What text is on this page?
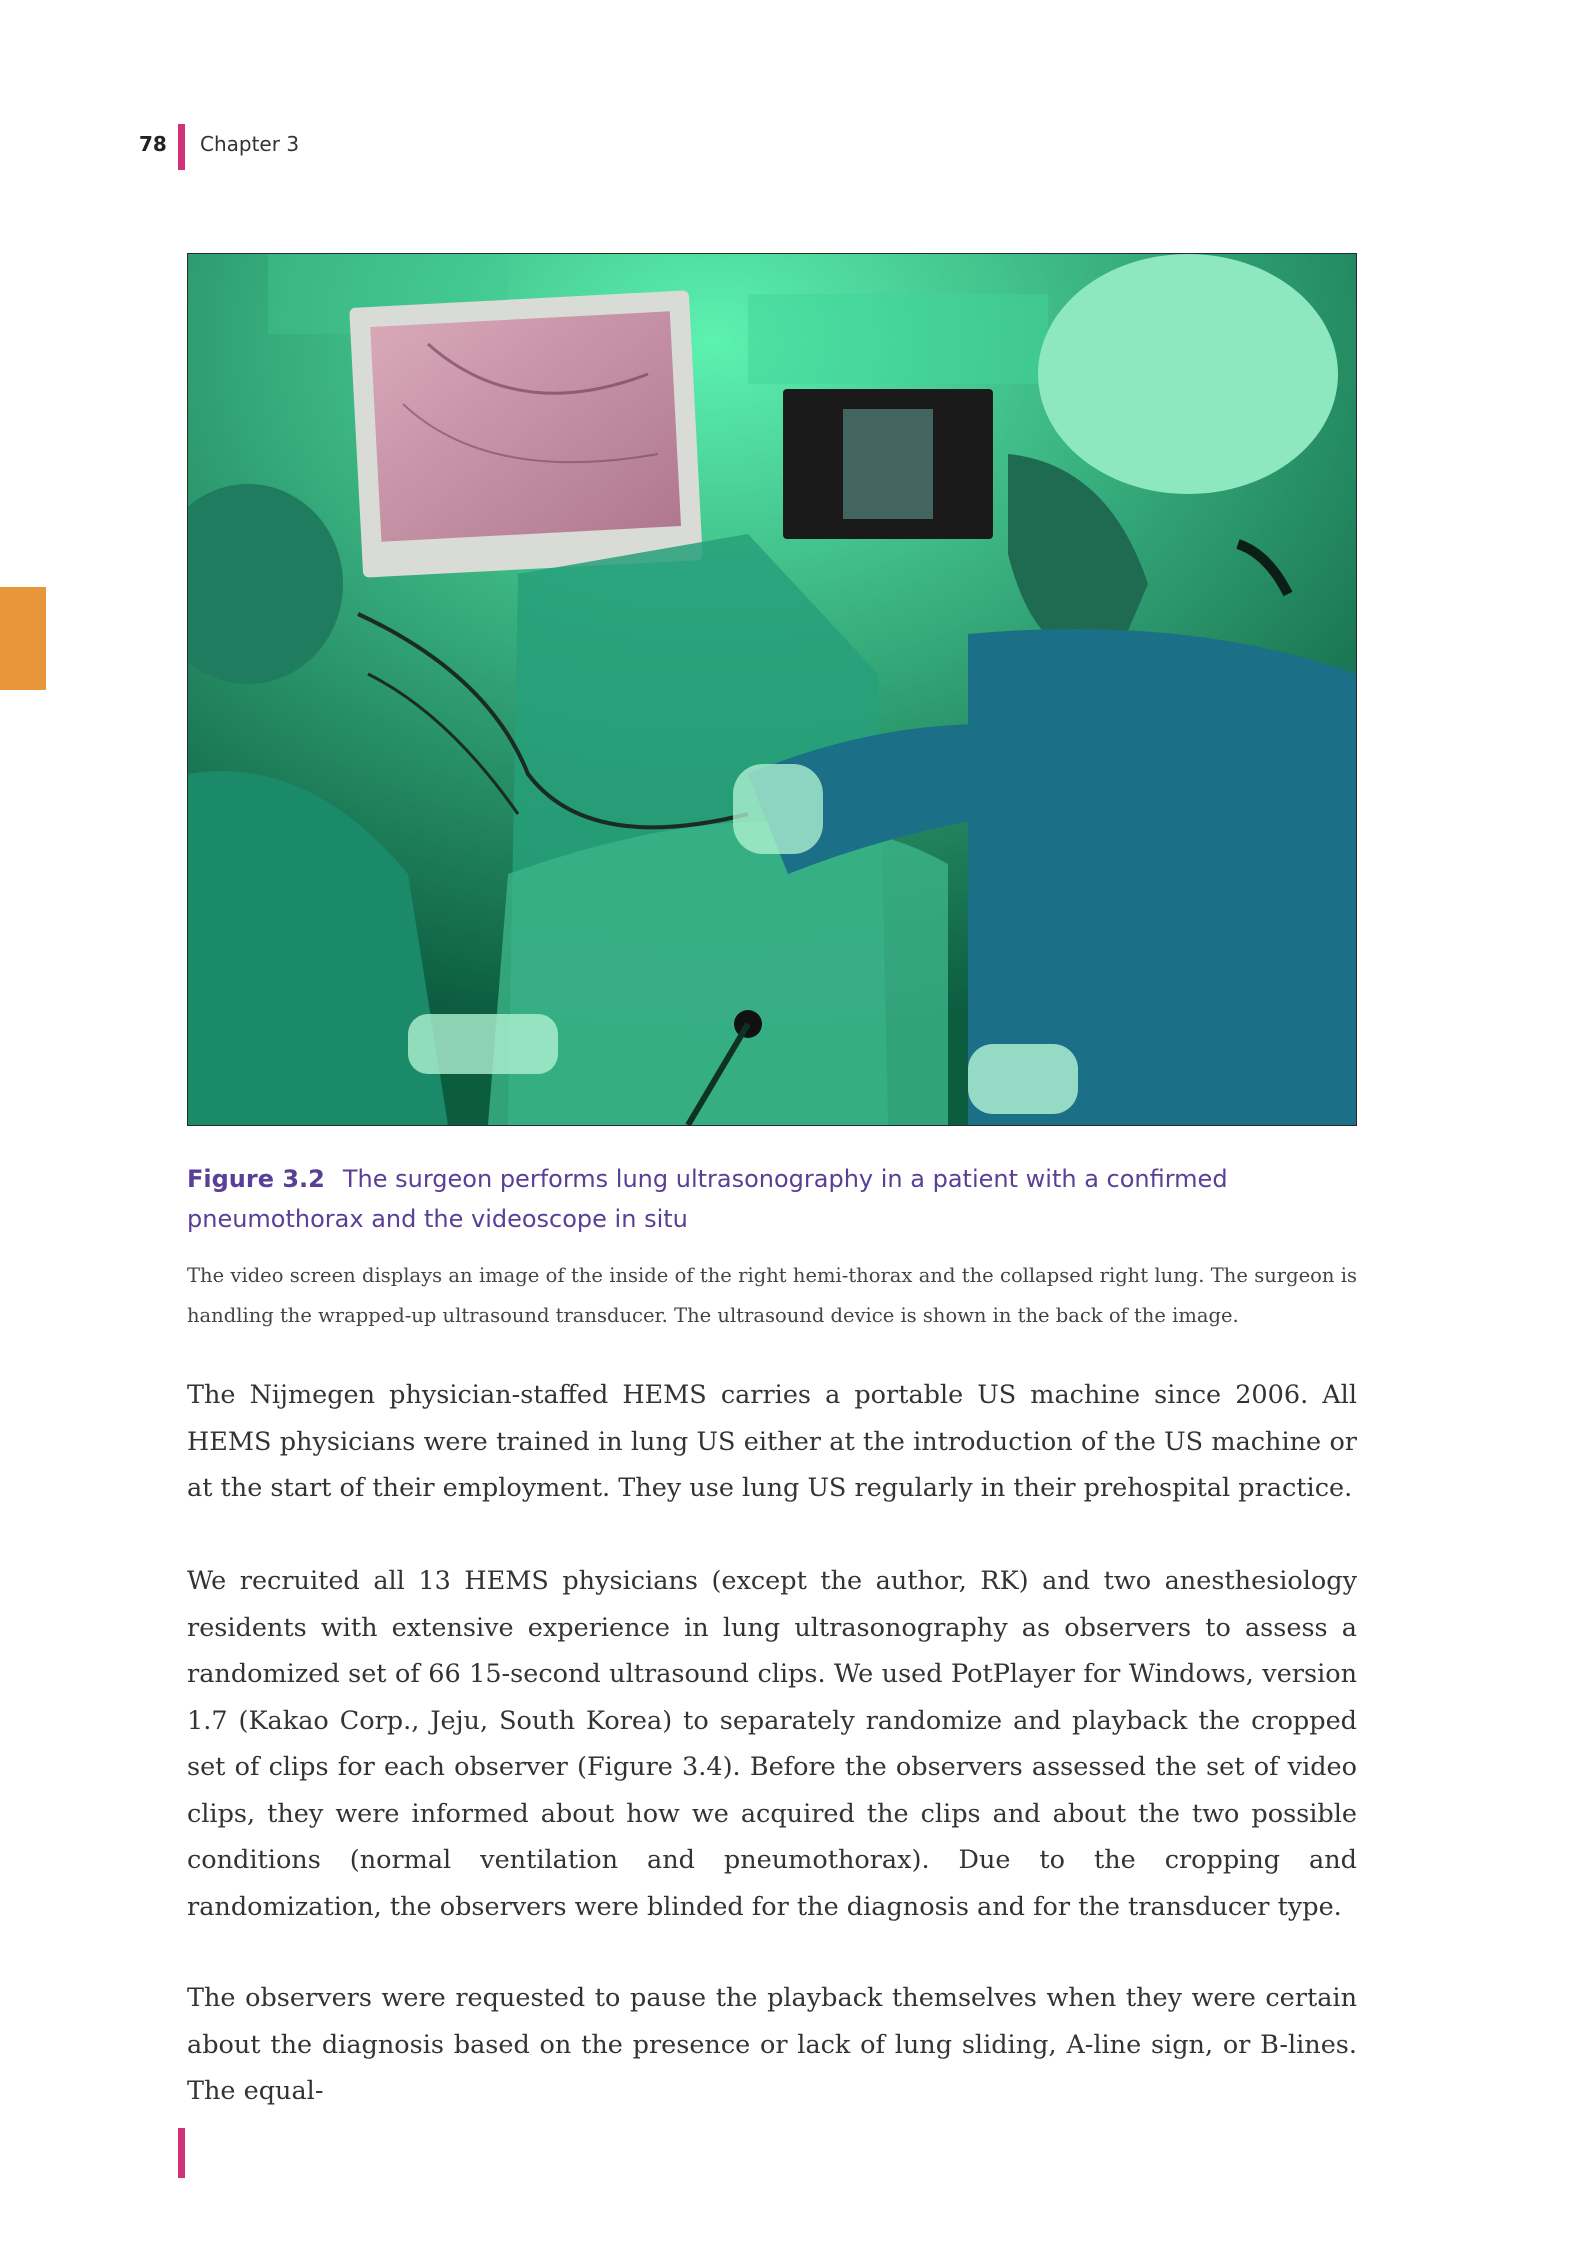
78 Chapter 3
Figure 3.2 The surgeon performs lung ultrasonography in a patient with a confirmed pneumothorax and the videoscope in situ
The video screen displays an image of the inside of the right hemi-thorax and the collapsed right lung. The surgeon is handling the wrapped-up ultrasound transducer. The ultrasound device is shown in the back of the image.

The Nijmegen physician-staffed HEMS carries a portable US machine since 2006. All HEMS physicians were trained in lung US either at the introduction of the US machine or at the start of their employment. They use lung US regularly in their prehospital practice.

We recruited all 13 HEMS physicians (except the author, RK) and two anesthesiology residents with extensive experience in lung ultrasonography as observers to assess a randomized set of 66 15-second ultrasound clips. We used PotPlayer for Windows, version 1.7 (Kakao Corp., Jeju, South Korea) to separately randomize and playback the cropped set of clips for each observer (Figure 3.4). Before the observers assessed the set of video clips, they were informed about how we acquired the clips and about the two possible conditions (normal ventilation and pneumothorax). Due to the cropping and randomization, the observers were blinded for the diagnosis and for the transducer type.

The observers were requested to pause the playback themselves when they were certain about the diagnosis based on the presence or lack of lung sliding, A-line sign, or B-lines. The equal-
